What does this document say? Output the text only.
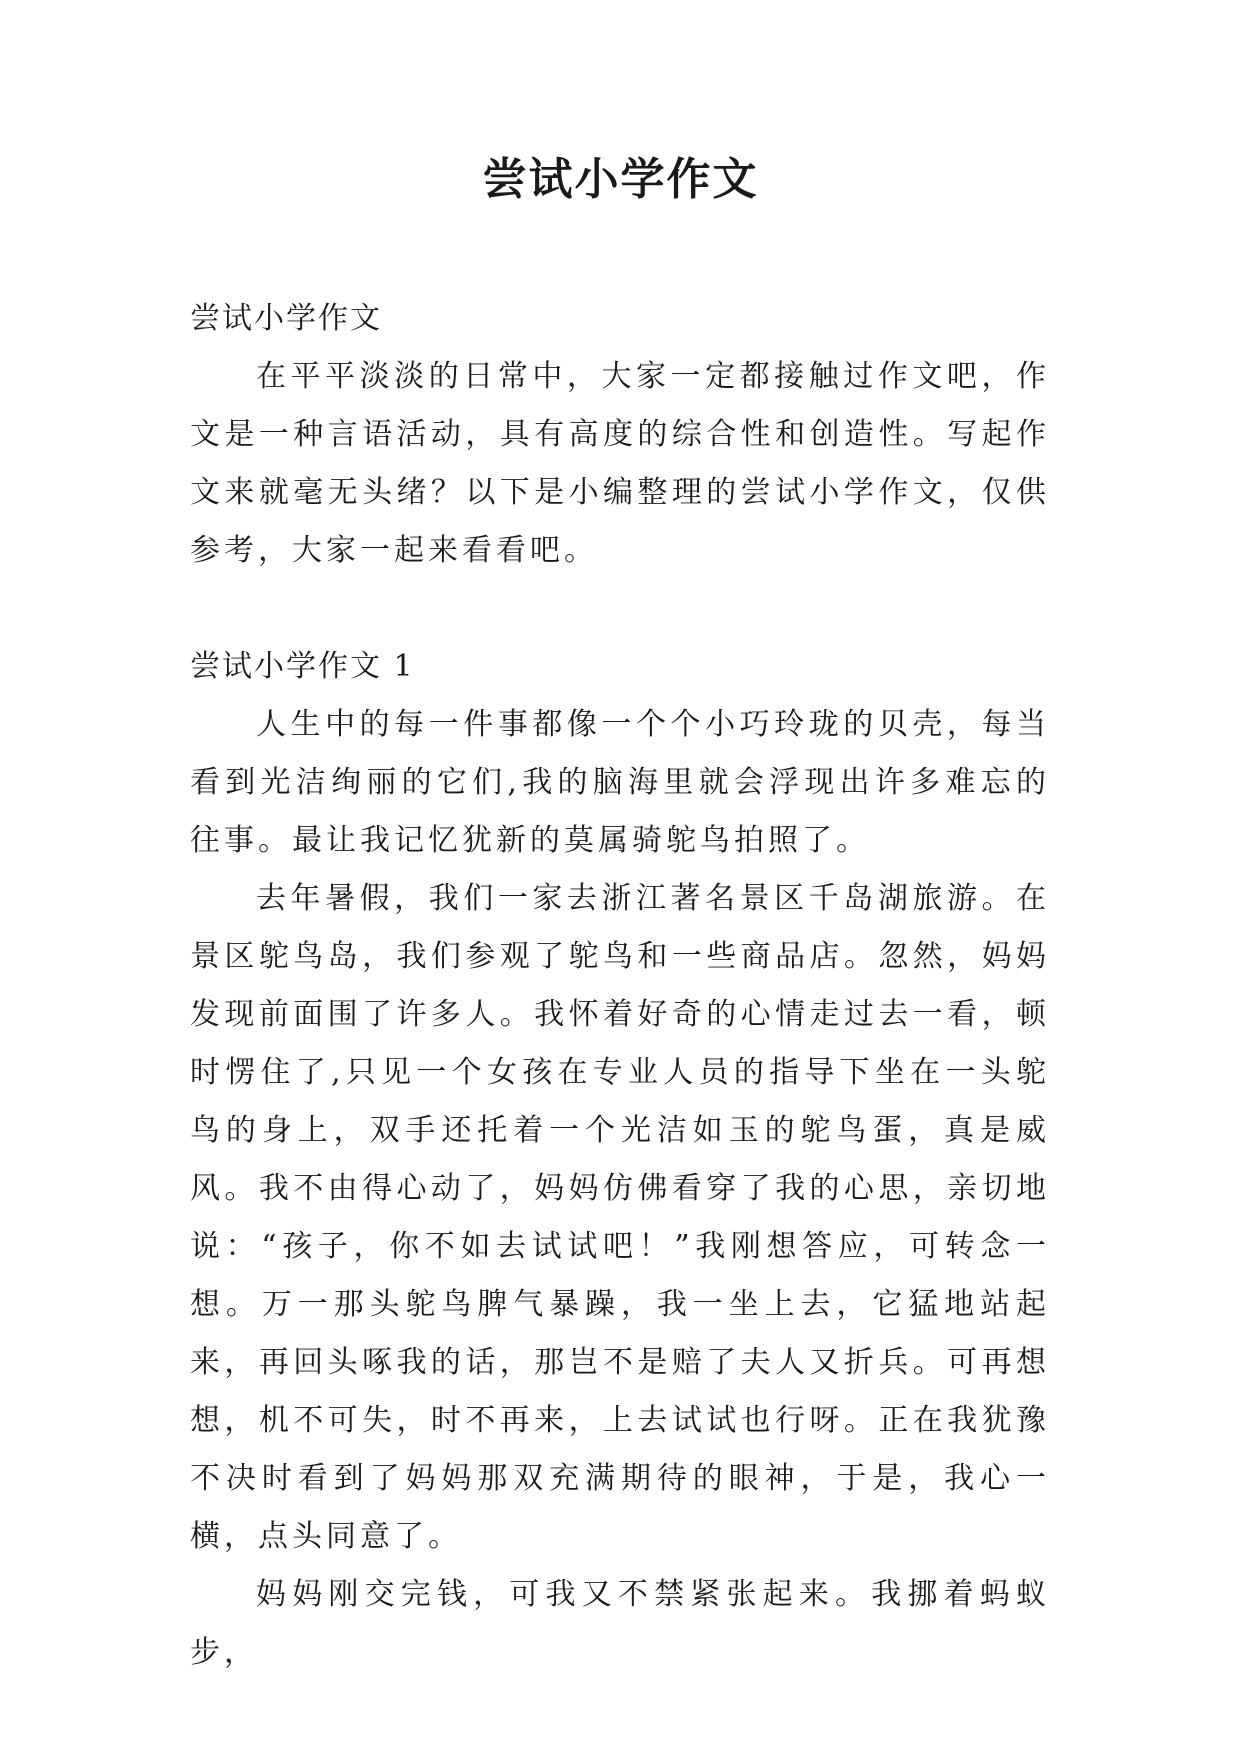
尝试小学作文

尝试小学作文

在平平淡淡的日常中，大家一定都接触过作文吧，作文是一种言语活动，具有高度的综合性和创造性。写起作文来就毫无头绪？以下是小编整理的尝试小学作文，仅供参考，大家一起来看看吧。

尝试小学作文 1

人生中的每一件事都像一个个小巧玲珑的贝壳，每当看到光洁绚丽的它们,我的脑海里就会浮现出许多难忘的往事。最让我记忆犹新的莫属骑鸵鸟拍照了。

去年暑假，我们一家去浙江著名景区千岛湖旅游。在景区鸵鸟岛，我们参观了鸵鸟和一些商品店。忽然，妈妈发现前面围了许多人。我怀着好奇的心情走过去一看，顿时愣住了,只见一个女孩在专业人员的指导下坐在一头鸵鸟的身上，双手还托着一个光洁如玉的鸵鸟蛋，真是威风。我不由得心动了，妈妈仿佛看穿了我的心思，亲切地说：“孩子，你不如去试试吧！”我刚想答应，可转念一想。万一那头鸵鸟脾气暴躁，我一坐上去，它猛地站起来，再回头啄我的话，那岂不是赔了夫人又折兵。可再想想，机不可失，时不再来，上去试试也行呀。正在我犹豫不决时看到了妈妈那双充满期待的眼神，于是，我心一横，点头同意了。

妈妈刚交完钱，可我又不禁紧张起来。我挪着蚂蚁步，
